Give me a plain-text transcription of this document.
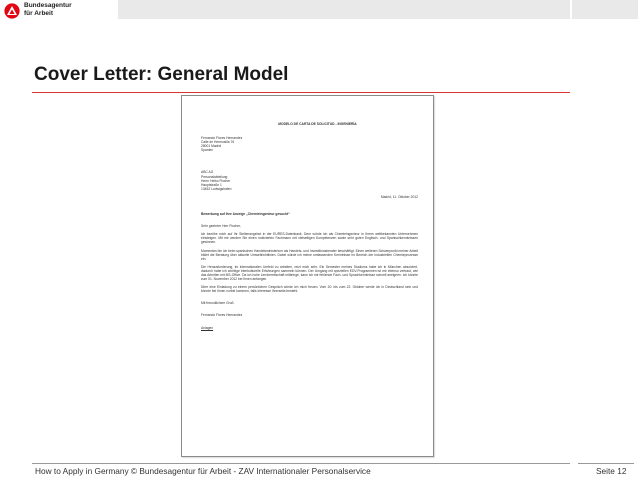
Bundesagentur
für Arbeit
Cover Letter: General Model
MODELO DE CARTA DE SOLICITUD - INGENIERÍA
Fernando Flores Hernandez
Calle de Hermosilla 76
28001 Madrid
Spanien
ABC AG
Personalabteilung
Herrn Heiko Fischer
Hauptstraße 1
13452 Ludwigshafen
Madrid, 11. Oktober 2012
Bewerbung auf Ihre Anzeige „Chemieingenieur gesucht“
Sehr geehrter Herr Fischer,
ich bezöhe mich auf Ihr Stellenangebot in der EURES-Datenbank. Dem würde ich als Chemieingenieur in Ihrem weltbekannten Unternehmen einsteigen. Mit mir werden Sie einen motivierten Fachmann mit vielseitigen Kompetenzen sowie sehr guten Englisch- und Spanischkenntnissen gewinnen.
Momentan bin ich beim spanischen Handelsministerium als Handels- und Investitionsberater beschäftigt. Einen weiteren Schwerpunkt meiner Arbeit bildet die Beratung über aktuelle Umweltrichtlinien. Dabei würde ich meine umfassenden Kenntnisse im Bereich der industriellen Chemieprozesse ein.
Die Herausforderung, im internationalen Umfeld zu arbeiten, reizt mich sehr. Ein Semester meines Studiums habe ich in München absolviert, dadurch habe ich wichtige interkulturelle Erfahrungen sammeln können. Der Umgang mit speziellen EDV-Programmen ist mir ebenso vertraut, wie das Arbeiten mit MS-Office. Da ich hohe Lernbereitschaft mitbringe, kann ich mir fehlende Fach- und Sprachkenntnisse schnell aneignen. Ich könnte zum 01. November 2012 bei Ihnen anfangen.
Über eine Einladung zu einem persönlichen Gespräch würde ich mich freuen. Vom 20. bis zum 22. Oktober werde ich in Deutschland sein und könnte bei Ihnen vorbei kommen, falls Interesse Ihrerseits besteht.
Mit freundlichem Gruß
Fernando Flores Hernandez
Anlagen
How to Apply in Germany © Bundesagentur für Arbeit - ZAV Internationaler Personalservice	Seite 12
